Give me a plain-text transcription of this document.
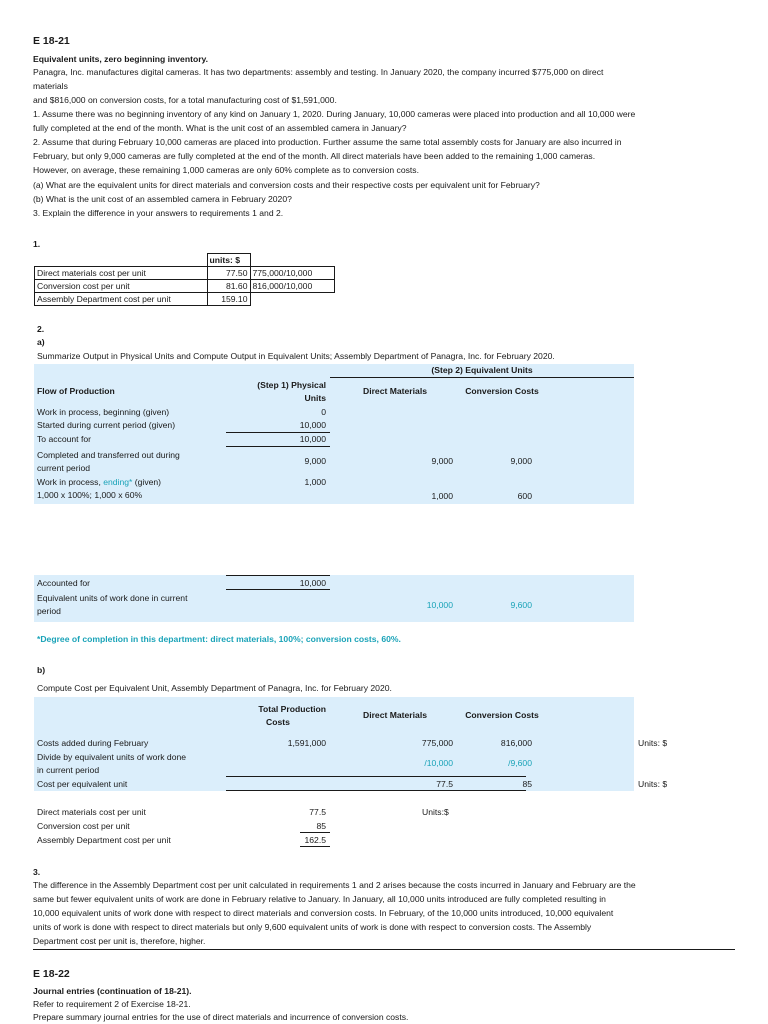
E 18-21
Equivalent units, zero beginning inventory.
Panagra, Inc. manufactures digital cameras. It has two departments: assembly and testing. In January 2020, the company incurred $775,000 on direct
materials
and $816,000 on conversion costs, for a total manufacturing cost of $1,591,000.
1. Assume there was no beginning inventory of any kind on January 1, 2020. During January, 10,000 cameras were placed into production and all 10,000 were
fully completed at the end of the month. What is the unit cost of an assembled camera in January?
2. Assume that during February 10,000 cameras are placed into production. Further assume the same total assembly costs for January are also incurred in
February, but only 9,000 cameras are fully completed at the end of the month. All direct materials have been added to the remaining 1,000 cameras.
However, on average, these remaining 1,000 cameras are only 60% complete as to conversion costs.
(a) What are the equivalent units for direct materials and conversion costs and their respective costs per equivalent unit for February?
(b) What is the unit cost of an assembled camera in February 2020?
3. Explain the difference in your answers to requirements 1 and 2.
1.
	units: $	
Direct materials cost per unit	77.50	775,000/10,000
Conversion cost per unit	81.60	816,000/10,000
Assembly Department cost per unit	159.10	
2.
a)
Summarize Output in Physical Units and Compute Output in Equivalent Units; Assembly Department of Panagra, Inc. for February 2020.
(Step 2) Equivalent Units
Flow of Production
(Step 1) Physical
Units
Direct Materials	Conversion Costs
Work in process, beginning (given)	0
Started during current period (given)	10,000
To account for	10,000
Completed and transferred out during
current period
9,000	9,000	9,000
Work in process, ending* (given)	1,000
1,000 x 100%; 1,000 x 60%	1,000	600
Accounted for	10,000
Equivalent units of work done in current
period
10,000	9,600
*Degree of completion in this department: direct materials, 100%; conversion costs, 60%.
b)
Compute Cost per Equivalent Unit, Assembly Department of Panagra, Inc. for February 2020.
Total Production
Costs
Direct Materials	Conversion Costs
Costs added during February	1,591,000	775,000	816,000	Units: $
Divide by equivalent units of work done
in current period
/10,000	/9,600
Cost per equivalent unit	77.5	85	Units: $
Direct materials cost per unit	77.5	Units:$
Conversion cost per unit	85
Assembly Department cost per unit	162.5
3.
The difference in the Assembly Department cost per unit calculated in requirements 1 and 2 arises because the costs incurred in January and February are the
same but fewer equivalent units of work are done in February relative to January. In January, all 10,000 units introduced are fully completed resulting in
10,000 equivalent units of work done with respect to direct materials and conversion costs. In February, of the 10,000 units introduced, 10,000 equivalent
units of work is done with respect to direct materials but only 9,600 equivalent units of work is done with respect to conversion costs. The Assembly
Department cost per unit is, therefore, higher.
E 18-22
Journal entries (continuation of 18-21).
Refer to requirement 2 of Exercise 18-21.
Prepare summary journal entries for the use of direct materials and incurrence of conversion costs.
